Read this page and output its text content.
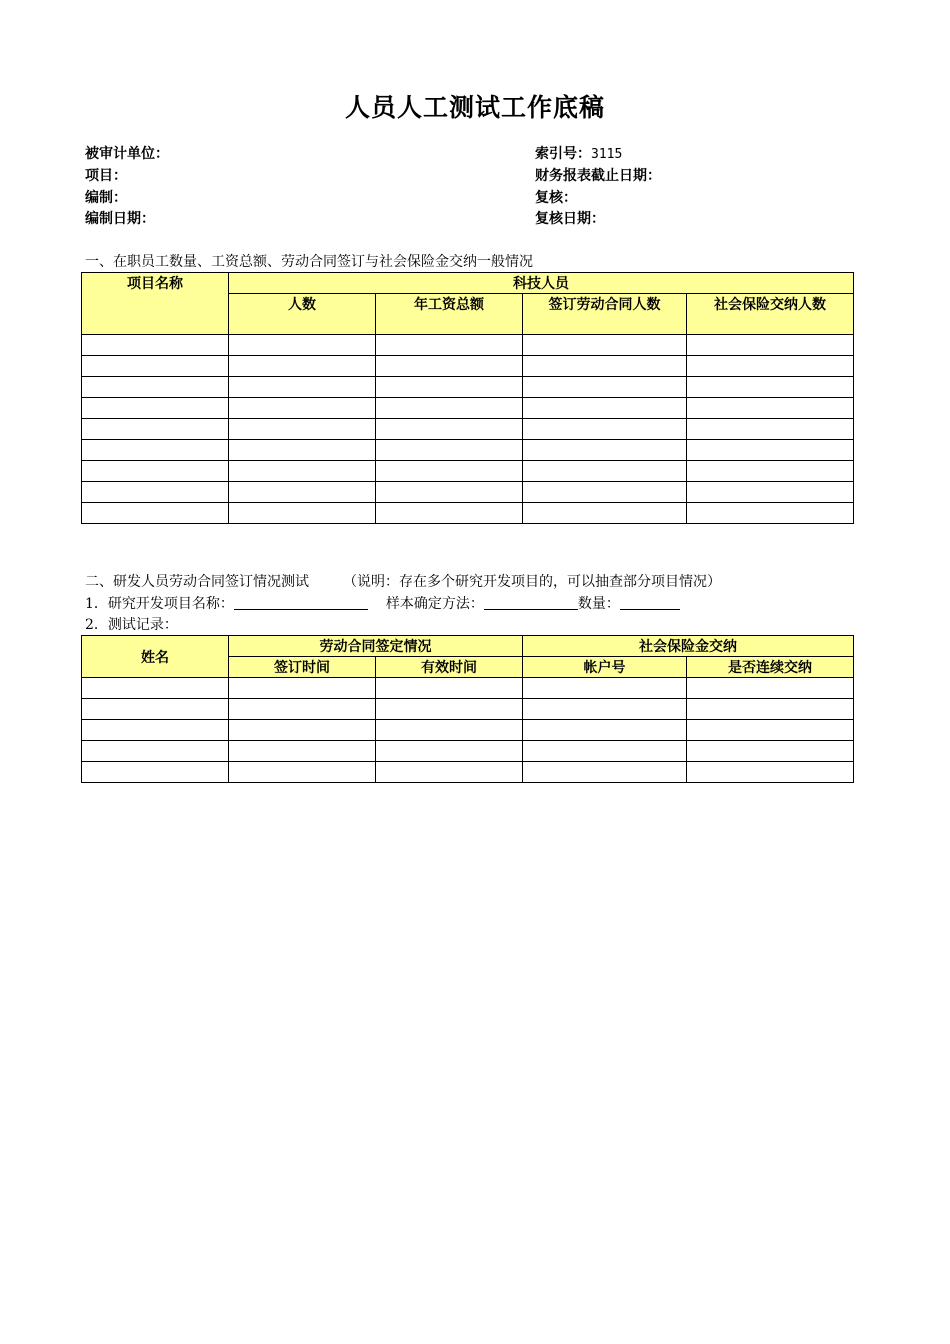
人员人工测试工作底稿
被审计单位：
项目：
编制：
编制日期：
索引号：3115
财务报表截止日期：
复核：
复核日期：
一、在职员工数量、工资总额、劳动合同签订与社会保险金交纳一般情况
项目名称	科技人员			
	人数	年工资总额	签订劳动合同人数	社会保险交纳人数

二、研发人员劳动合同签订情况测试 （说明：存在多个研究开发项目的，可以抽查部分项目情况）
1．研究开发项目名称：	样本确定方法：	数量：
2．测试记录：
姓名	劳动合同签定情况		社会保险金交纳	
	签订时间	有效时间	帐户号	是否连续交纳
